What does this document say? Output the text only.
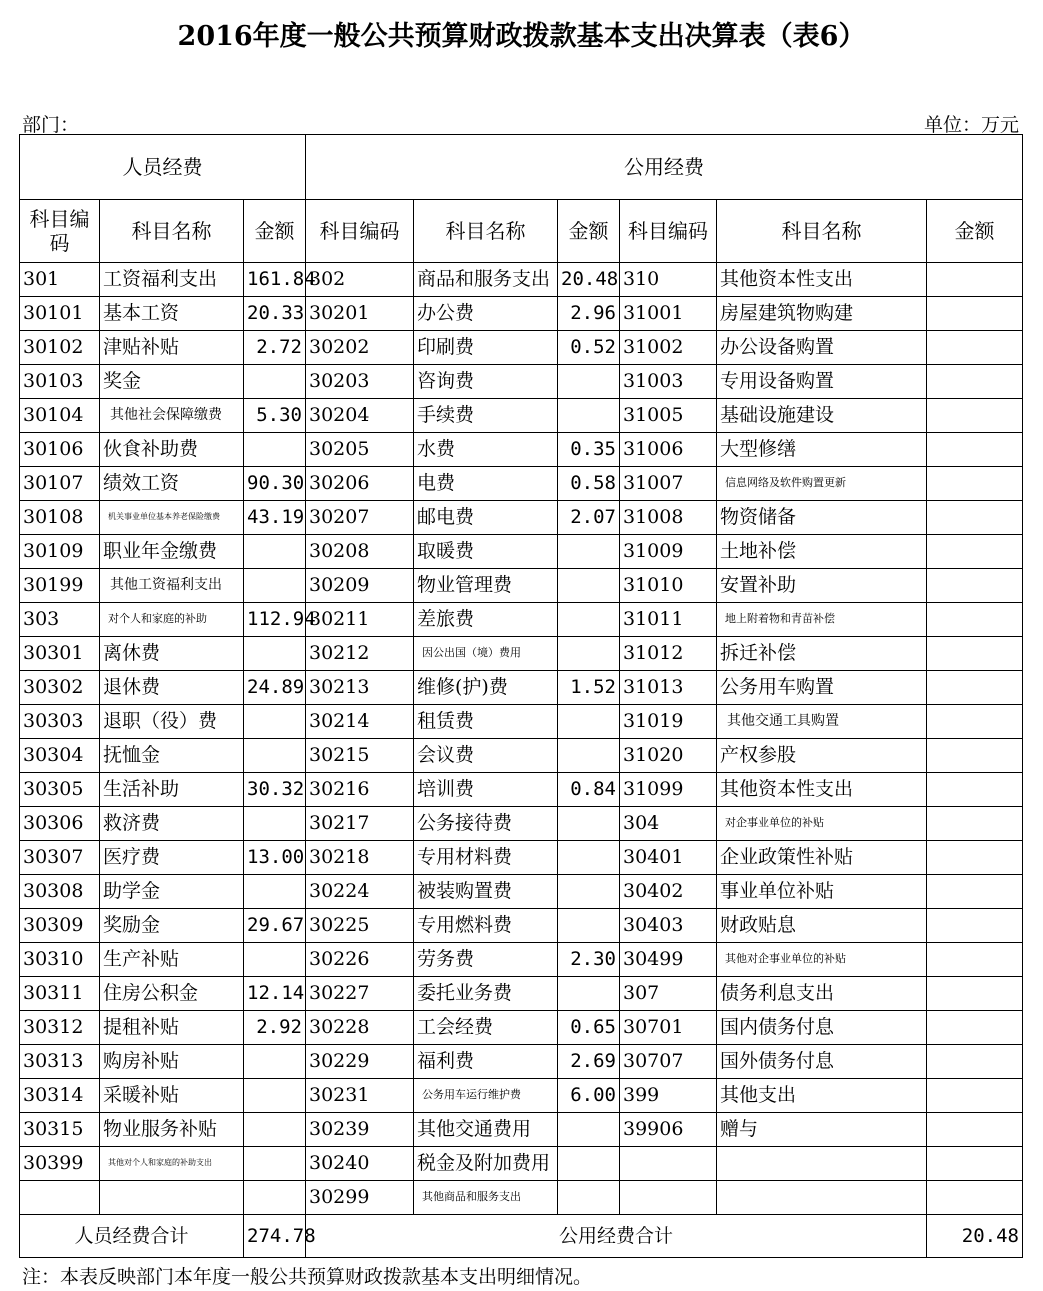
2016年度一般公共预算财政拨款基本支出决算表（表6）
部门：	单位：万元
人员经费			公用经费					
科目编码	科目名称	金额	科目编码	科目名称	金额	科目编码	科目名称	金额
301	工资福利支出	161.84	302	商品和服务支出	20.48	310	其他资本性支出	
30101	基本工资	20.33	30201	办公费	2.96	31001	房屋建筑物购建	
30102	津贴补贴	2.72	30202	印刷费	0.52	31002	办公设备购置	
30103	奖金		30203	咨询费		31003	专用设备购置	
30104	其他社会保障缴费	5.30	30204	手续费		31005	基础设施建设	
30106	伙食补助费		30205	水费	0.35	31006	大型修缮	
30107	绩效工资	90.30	30206	电费	0.58	31007	信息网络及软件购置更新	
30108	机关事业单位基本养老保险缴费	43.19	30207	邮电费	2.07	31008	物资储备	
30109	职业年金缴费		30208	取暖费		31009	土地补偿	
30199	其他工资福利支出		30209	物业管理费		31010	安置补助	
303	对个人和家庭的补助	112.94	30211	差旅费		31011	地上附着物和青苗补偿	
30301	离休费		30212	因公出国（境）费用		31012	拆迁补偿	
30302	退休费	24.89	30213	维修(护)费	1.52	31013	公务用车购置	
30303	退职（役）费		30214	租赁费		31019	其他交通工具购置	
30304	抚恤金		30215	会议费		31020	产权参股	
30305	生活补助	30.32	30216	培训费	0.84	31099	其他资本性支出	
30306	救济费		30217	公务接待费		304	对企事业单位的补贴	
30307	医疗费	13.00	30218	专用材料费		30401	企业政策性补贴	
30308	助学金		30224	被装购置费		30402	事业单位补贴	
30309	奖励金	29.67	30225	专用燃料费		30403	财政贴息	
30310	生产补贴		30226	劳务费	2.30	30499	其他对企事业单位的补贴	
30311	住房公积金	12.14	30227	委托业务费		307	债务利息支出	
30312	提租补贴	2.92	30228	工会经费	0.65	30701	国内债务付息	
30313	购房补贴		30229	福利费	2.69	30707	国外债务付息	
30314	采暖补贴		30231	公务用车运行维护费	6.00	399	其他支出	
30315	物业服务补贴		30239	其他交通费用		39906	赠与	
30399	其他对个人和家庭的补助支出		30240	税金及附加费用				
			30299	其他商品和服务支出				
人员经费合计		274.78	公用经费合计					20.48
注：本表反映部门本年度一般公共预算财政拨款基本支出明细情况。
